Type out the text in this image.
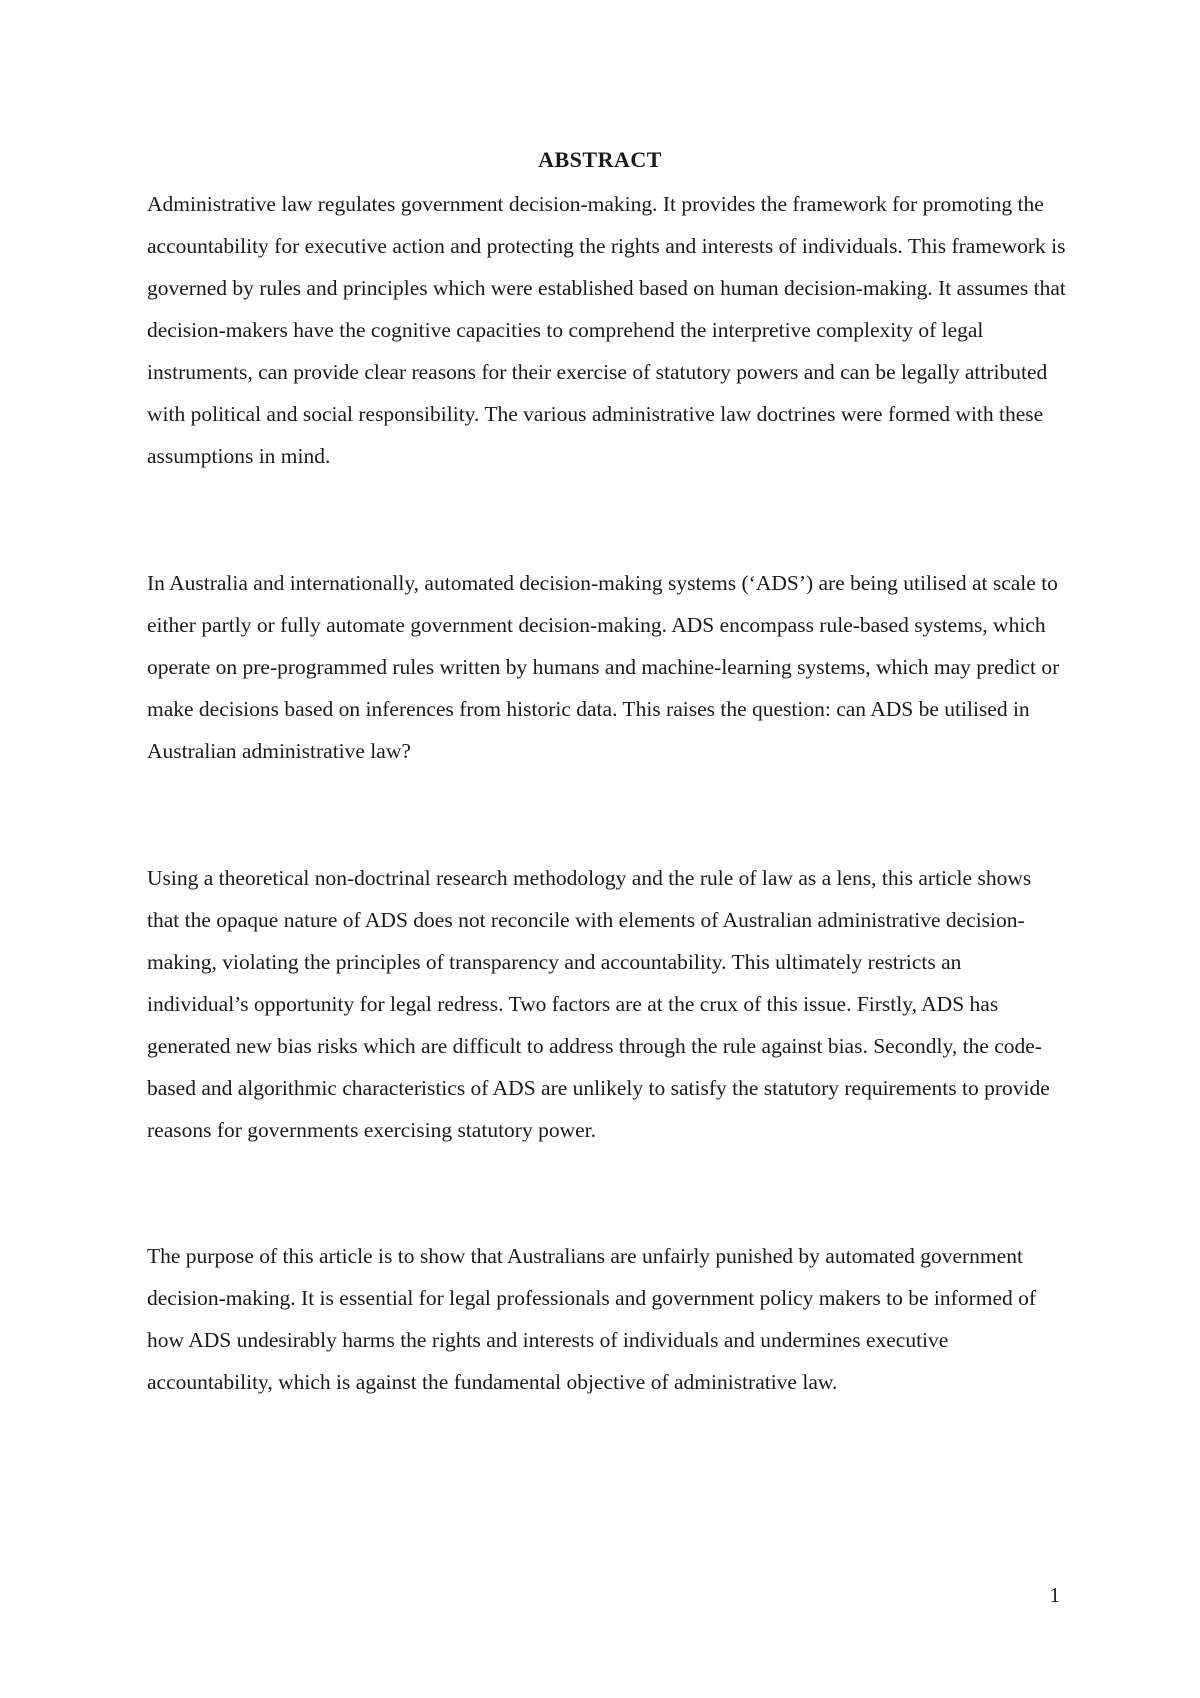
ABSTRACT

Administrative law regulates government decision-making. It provides the framework for promoting the accountability for executive action and protecting the rights and interests of individuals. This framework is governed by rules and principles which were established based on human decision-making. It assumes that decision-makers have the cognitive capacities to comprehend the interpretive complexity of legal instruments, can provide clear reasons for their exercise of statutory powers and can be legally attributed with political and social responsibility. The various administrative law doctrines were formed with these assumptions in mind.

In Australia and internationally, automated decision-making systems (‘ADS’) are being utilised at scale to either partly or fully automate government decision-making. ADS encompass rule-based systems, which operate on pre-programmed rules written by humans and machine-learning systems, which may predict or make decisions based on inferences from historic data. This raises the question: can ADS be utilised in Australian administrative law?

Using a theoretical non-doctrinal research methodology and the rule of law as a lens, this article shows that the opaque nature of ADS does not reconcile with elements of Australian administrative decision-making, violating the principles of transparency and accountability. This ultimately restricts an individual’s opportunity for legal redress. Two factors are at the crux of this issue. Firstly, ADS has generated new bias risks which are difficult to address through the rule against bias. Secondly, the code-based and algorithmic characteristics of ADS are unlikely to satisfy the statutory requirements to provide reasons for governments exercising statutory power.

The purpose of this article is to show that Australians are unfairly punished by automated government decision-making. It is essential for legal professionals and government policy makers to be informed of how ADS undesirably harms the rights and interests of individuals and undermines executive accountability, which is against the fundamental objective of administrative law.

1
